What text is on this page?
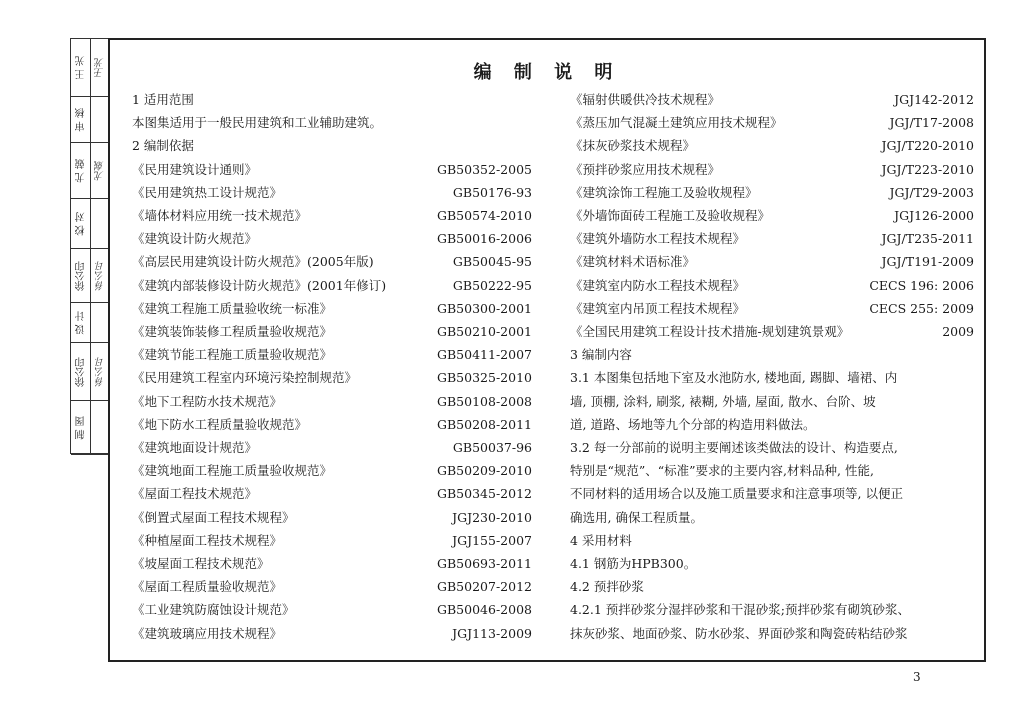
王 光 王光
审 核
尤 兢 尤兢
校 对
徐公印 徐公印
设 计
徐公印 徐公印
制 图
编 制 说 明
1 适用范围
本图集适用于一般民用建筑和工业辅助建筑。
2 编制依据
《民用建筑设计通则》	GB50352-2005
《民用建筑热工设计规范》	GB50176-93
《墙体材料应用统一技术规范》	GB50574-2010
《建筑设计防火规范》	GB50016-2006
《高层民用建筑设计防火规范》(2005年版)	GB50045-95
《建筑内部装修设计防火规范》(2001年修订)	GB50222-95
《建筑工程施工质量验收统一标准》	GB50300-2001
《建筑装饰装修工程质量验收规范》	GB50210-2001
《建筑节能工程施工质量验收规范》	GB50411-2007
《民用建筑工程室内环境污染控制规范》	GB50325-2010
《地下工程防水技术规范》	GB50108-2008
《地下防水工程质量验收规范》	GB50208-2011
《建筑地面设计规范》	GB50037-96
《建筑地面工程施工质量验收规范》	GB50209-2010
《屋面工程技术规范》	GB50345-2012
《倒置式屋面工程技术规程》	JGJ230-2010
《种植屋面工程技术规程》	JGJ155-2007
《坡屋面工程技术规范》	GB50693-2011
《屋面工程质量验收规范》	GB50207-2012
《工业建筑防腐蚀设计规范》	GB50046-2008
《建筑玻璃应用技术规程》	JGJ113-2009
《辐射供暖供冷技术规程》	JGJ142-2012
《蒸压加气混凝土建筑应用技术规程》	JGJ/T17-2008
《抹灰砂浆技术规程》	JGJ/T220-2010
《预拌砂浆应用技术规程》	JGJ/T223-2010
《建筑涂饰工程施工及验收规程》	JGJ/T29-2003
《外墙饰面砖工程施工及验收规程》	JGJ126-2000
《建筑外墙防水工程技术规程》	JGJ/T235-2011
《建筑材料术语标准》	JGJ/T191-2009
《建筑室内防水工程技术规程》	CECS 196: 2006
《建筑室内吊顶工程技术规程》	CECS 255: 2009
《全国民用建筑工程设计技术措施-规划建筑景观》	2009
3 编制内容
3.1 本图集包括地下室及水池防水, 楼地面, 踢脚、墙裙、内
墙, 顶棚, 涂料, 刷浆, 裱糊, 外墙, 屋面, 散水、台阶、坡
道, 道路、场地等九个分部的构造用料做法。
3.2 每一分部前的说明主要阐述该类做法的设计、构造要点,
特别是“规范”、“标准”要求的主要内容,材料品种, 性能,
不同材料的适用场合以及施工质量要求和注意事项等, 以便正
确选用, 确保工程质量。
4 采用材料
4.1 钢筋为HPB300。
4.2 预拌砂浆
4.2.1 预拌砂浆分湿拌砂浆和干混砂浆;预拌砂浆有砌筑砂浆、
抹灰砂浆、地面砂浆、防水砂浆、界面砂浆和陶瓷砖粘结砂浆
3
